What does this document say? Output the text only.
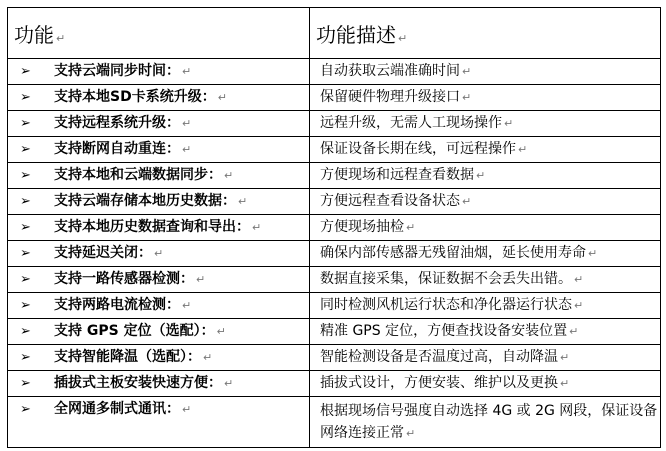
功能 ↵	功能描述 ↵
➢ 支持云端同步时间： ↵	自动获取云端准确时间 ↵
➢ 支持本地SD卡系统升级： ↵	保留硬件物理升级接口 ↵
➢ 支持远程系统升级： ↵	远程升级，无需人工现场操作 ↵
➢ 支持断网自动重连： ↵	保证设备长期在线，可远程操作 ↵
➢ 支持本地和云端数据同步： ↵	方便现场和远程查看数据 ↵
➢ 支持云端存储本地历史数据： ↵	方便远程查看设备状态 ↵
➢ 支持本地历史数据查询和导出： ↵	方便现场抽检 ↵
➢ 支持延迟关闭： ↵	确保内部传感器无残留油烟，延长使用寿命 ↵
➢ 支持一路传感器检测： ↵	数据直接采集，保证数据不会丢失出错。 ↵
➢ 支持两路电流检测： ↵	同时检测风机运行状态和净化器运行状态 ↵
➢ 支持 GPS 定位（选配）： ↵	精准 GPS 定位，方便查找设备安装位置 ↵
➢ 支持智能降温（选配）： ↵	智能检测设备是否温度过高，自动降温 ↵
➢ 插拔式主板安装快速方便： ↵	插拔式设计，方便安装、维护以及更换 ↵
➢ 全网通多制式通讯： ↵	根据现场信号强度自动选择 4G 或 2G 网段，保证设备网络连接正常 ↵
